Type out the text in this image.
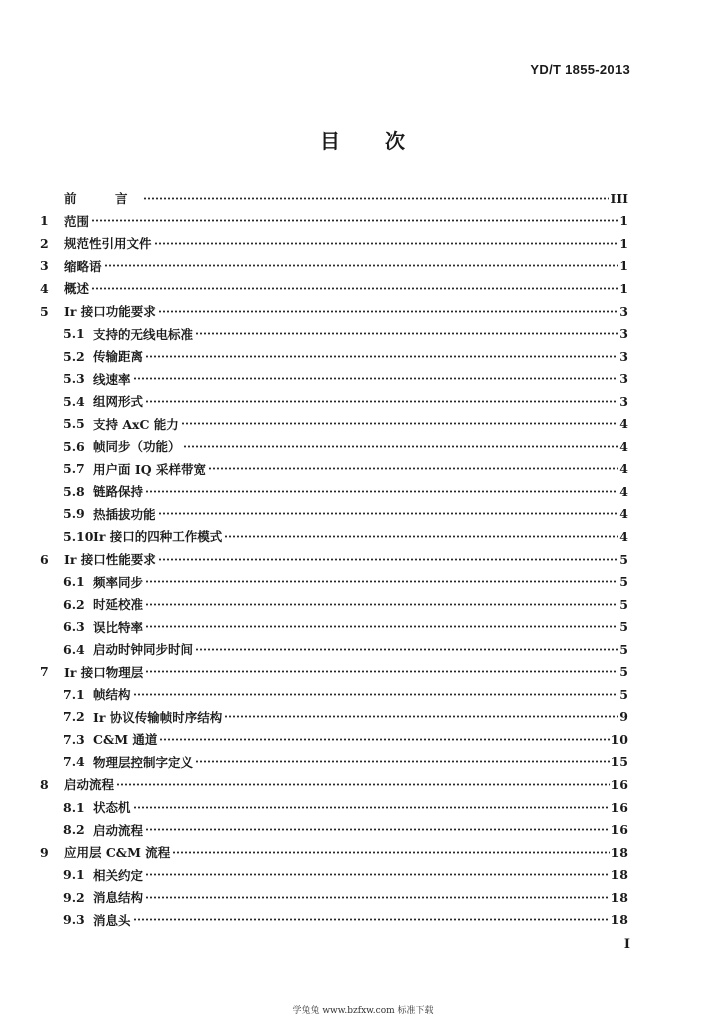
YD/T 1855-2013
目 次
前　言	III
1	范围	1
2	规范性引用文件	1
3	缩略语	1
4	概述	1
5	Ir 接口功能要求	3
5.1 支持的无线电标准	3
5.2 传输距离	3
5.3 线速率	3
5.4 组网形式	3
5.5 支持 AxC 能力	4
5.6 帧同步（功能）	4
5.7 用户面 IQ 采样带宽	4
5.8 链路保持	4
5.9 热插拔功能	4
5.10 Ir 接口的四种工作模式	4
6	Ir 接口性能要求	5
6.1 频率同步	5
6.2 时延校准	5
6.3 误比特率	5
6.4 启动时钟同步时间	5
7	Ir 接口物理层	5
7.1 帧结构	5
7.2 Ir 协议传输帧时序结构	9
7.3 C&M 通道	10
7.4 物理层控制字定义	15
8	启动流程	16
8.1 状态机	16
8.2 启动流程	16
9	应用层 C&M 流程	18
9.1 相关约定	18
9.2 消息结构	18
9.3 消息头	18
I
学兔兔 www.bzfxw.com 标准下载
